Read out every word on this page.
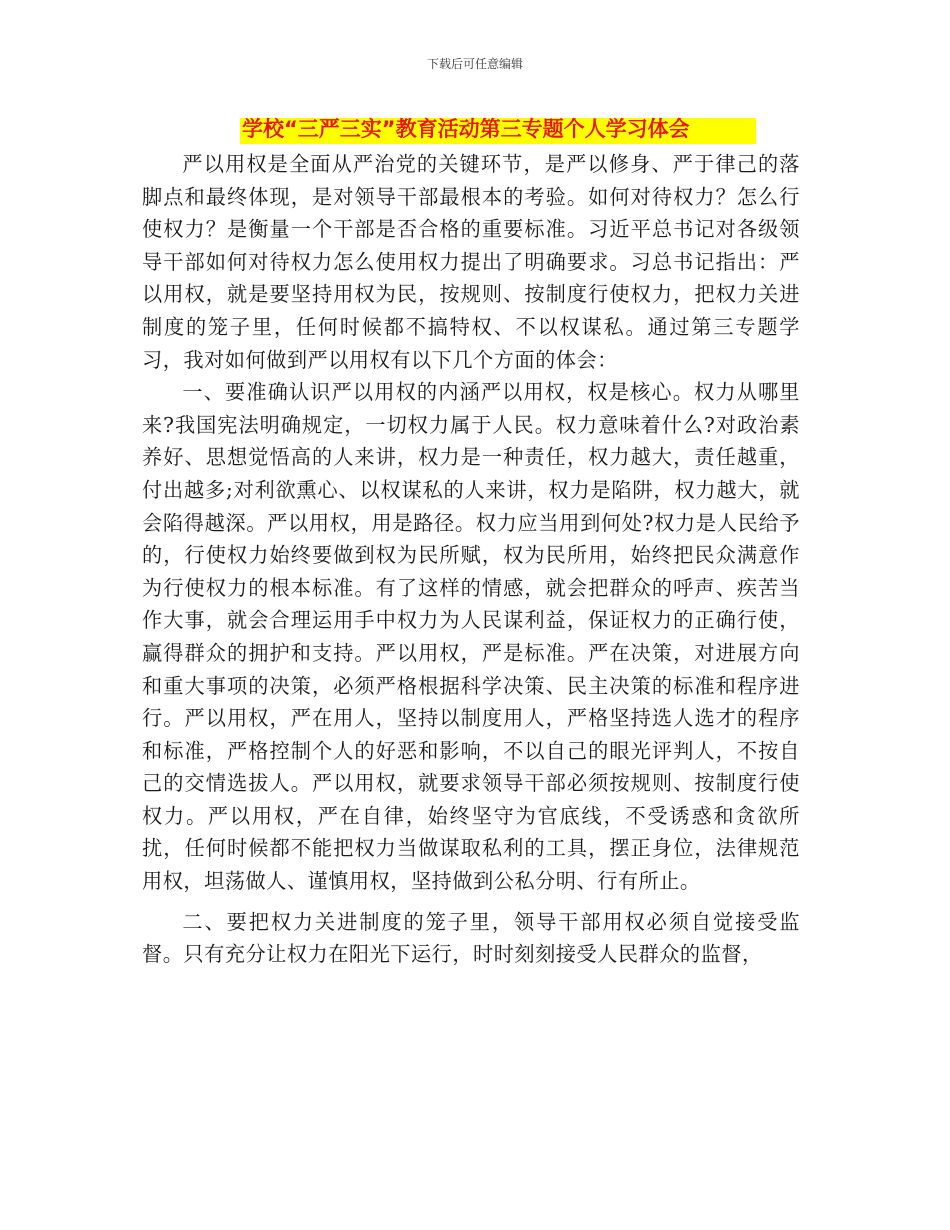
下载后可任意编辑
学校“三严三实”教育活动第三专题个人学习体会

严以用权是全面从严治党的关键环节，是严以修身、严于律己的落脚点和最终体现，是对领导干部最根本的考验。如何对待权力？怎么行使权力？是衡量一个干部是否合格的重要标准。习近平总书记对各级领导干部如何对待权力怎么使用权力提出了明确要求。习总书记指出：严以用权，就是要坚持用权为民，按规则、按制度行使权力，把权力关进制度的笼子里，任何时候都不搞特权、不以权谋私。通过第三专题学习，我对如何做到严以用权有以下几个方面的体会：

一、要准确认识严以用权的内涵严以用权，权是核心。权力从哪里来?我国宪法明确规定，一切权力属于人民。权力意味着什么?对政治素养好、思想觉悟高的人来讲，权力是一种责任，权力越大，责任越重，付出越多;对利欲熏心、以权谋私的人来讲，权力是陷阱，权力越大，就会陷得越深。严以用权，用是路径。权力应当用到何处?权力是人民给予的，行使权力始终要做到权为民所赋，权为民所用，始终把民众满意作为行使权力的根本标准。有了这样的情感，就会把群众的呼声、疾苦当作大事，就会合理运用手中权力为人民谋利益，保证权力的正确行使，赢得群众的拥护和支持。严以用权，严是标准。严在决策，对进展方向和重大事项的决策，必须严格根据科学决策、民主决策的标准和程序进行。严以用权，严在用人，坚持以制度用人，严格坚持选人选才的程序和标准，严格控制个人的好恶和影响，不以自己的眼光评判人，不按自己的交情选拔人。严以用权，就要求领导干部必须按规则、按制度行使权力。严以用权，严在自律，始终坚守为官底线，不受诱惑和贪欲所扰，任何时候都不能把权力当做谋取私利的工具，摆正身位，法律规范用权，坦荡做人、谨慎用权，坚持做到公私分明、行有所止。

二、要把权力关进制度的笼子里，领导干部用权必须自觉接受监督。只有充分让权力在阳光下运行，时时刻刻接受人民群众的监督，
